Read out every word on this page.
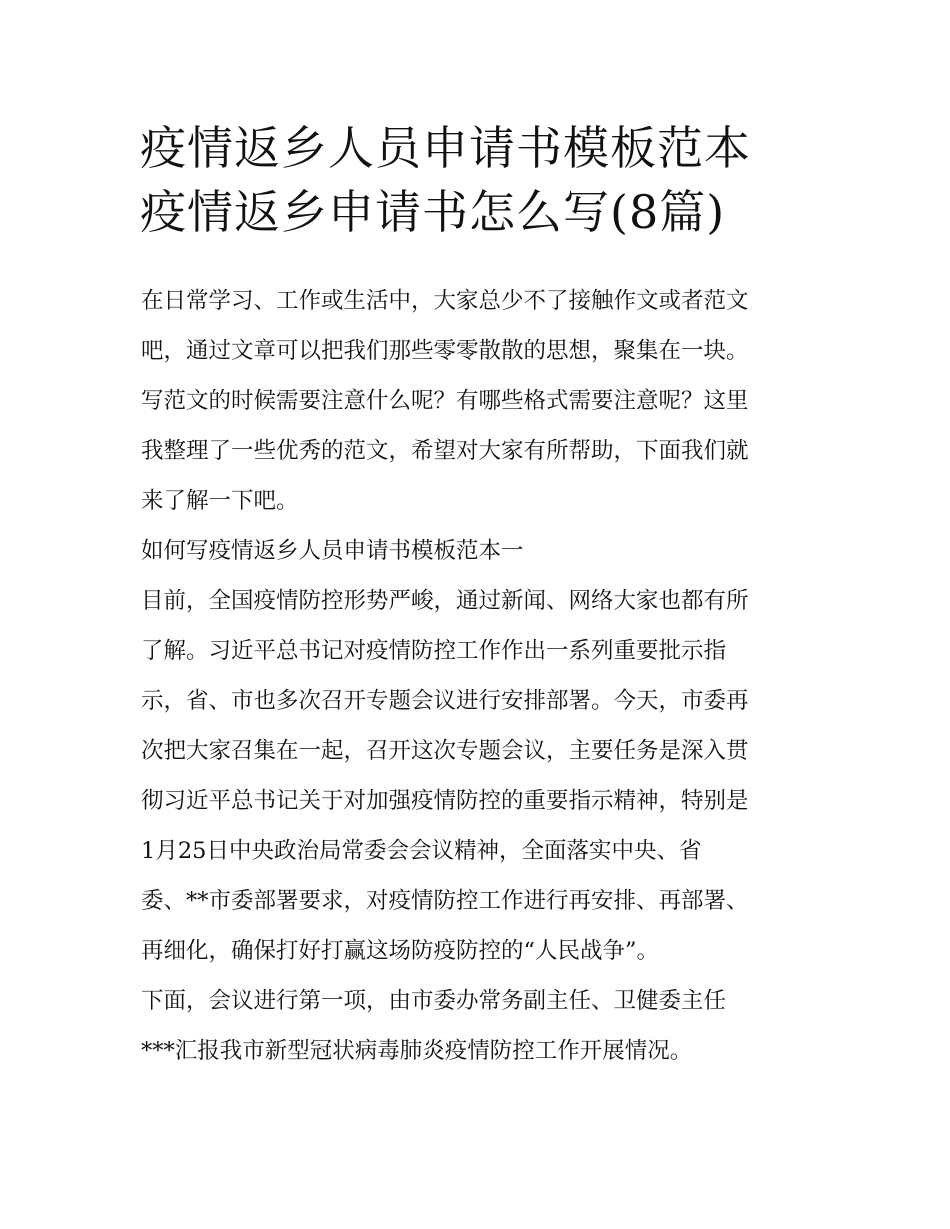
疫情返乡人员申请书模板范本
疫情返乡申请书怎么写(8篇)
在日常学习、工作或生活中，大家总少不了接触作文或者范文
吧，通过文章可以把我们那些零零散散的思想，聚集在一块。
写范文的时候需要注意什么呢？有哪些格式需要注意呢？这里
我整理了一些优秀的范文，希望对大家有所帮助，下面我们就
来了解一下吧。
如何写疫情返乡人员申请书模板范本一
目前，全国疫情防控形势严峻，通过新闻、网络大家也都有所
了解。习近平总书记对疫情防控工作作出一系列重要批示指
示，省、市也多次召开专题会议进行安排部署。今天，市委再
次把大家召集在一起，召开这次专题会议，主要任务是深入贯
彻习近平总书记关于对加强疫情防控的重要指示精神，特别是
1月25日中央政治局常委会会议精神，全面落实中央、省
委、**市委部署要求，对疫情防控工作进行再安排、再部署、
再细化，确保打好打赢这场防疫防控的“人民战争”。
下面，会议进行第一项，由市委办常务副主任、卫健委主任
***汇报我市新型冠状病毒肺炎疫情防控工作开展情况。
